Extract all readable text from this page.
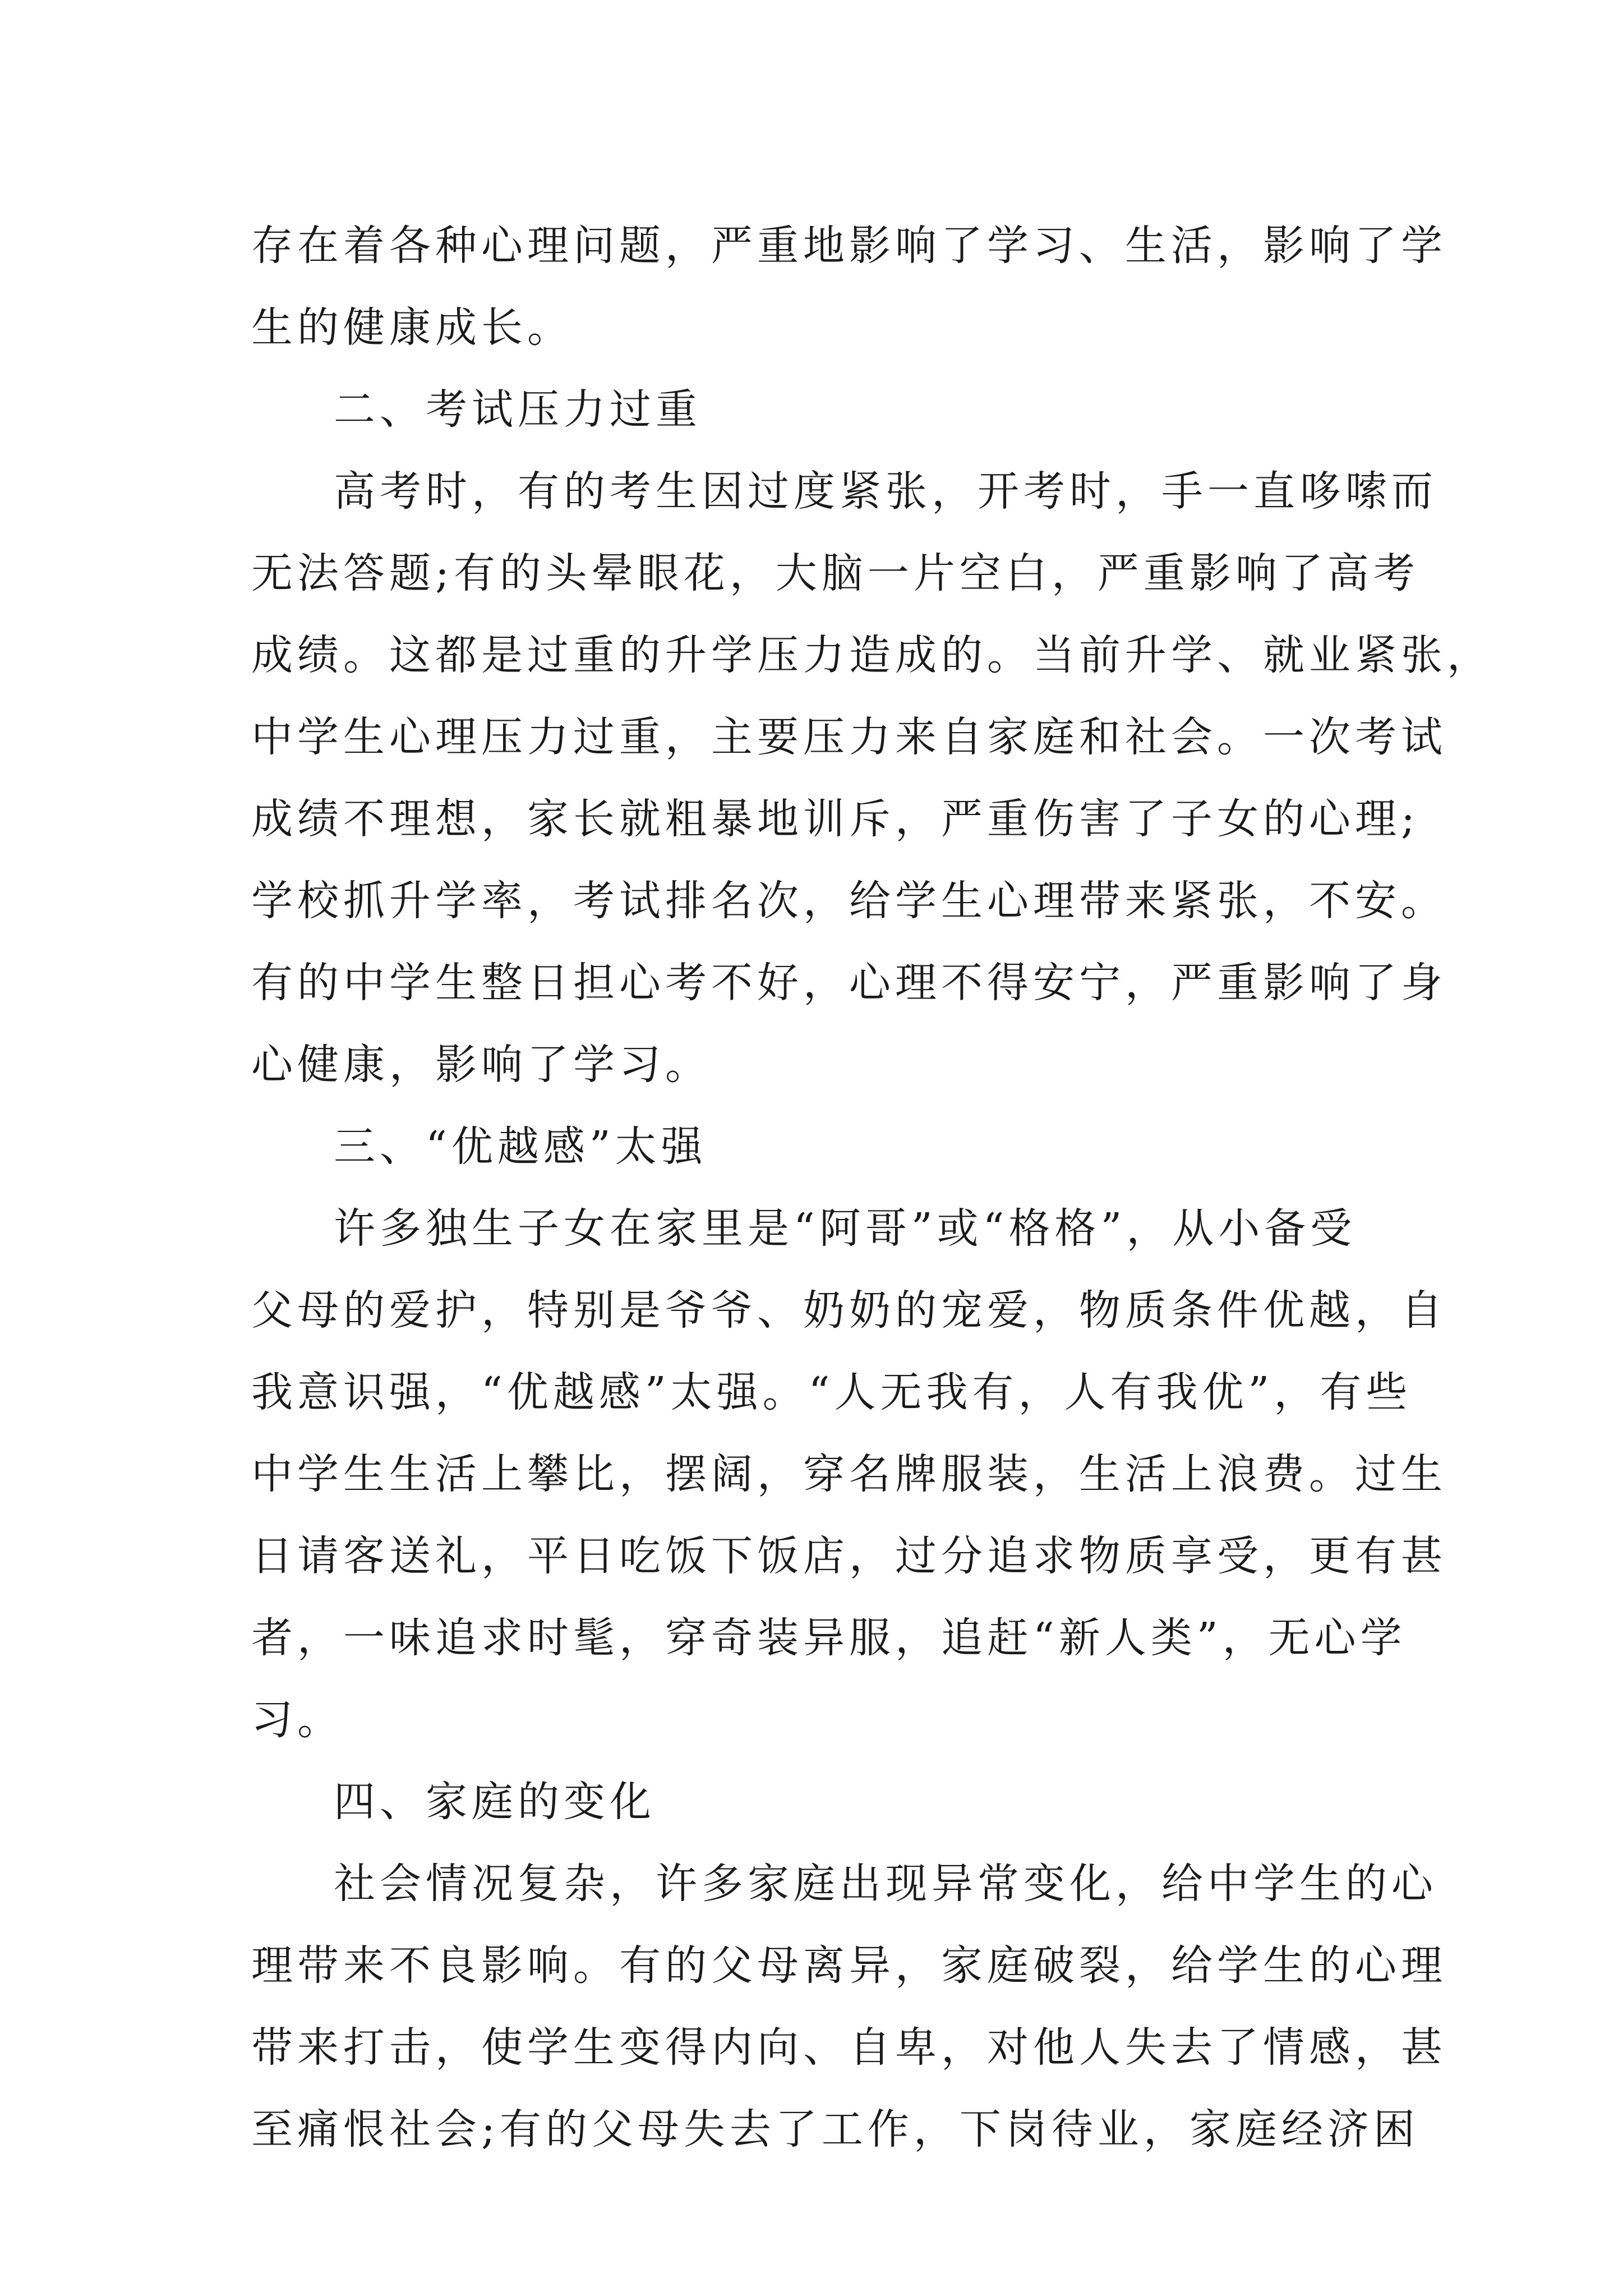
存在着各种心理问题，严重地影响了学习、生活，影响了学

生的健康成长。

二、考试压力过重

高考时，有的考生因过度紧张，开考时，手一直哆嗦而

无法答题;有的头晕眼花，大脑一片空白，严重影响了高考

成绩。这都是过重的升学压力造成的。当前升学、就业紧张，

中学生心理压力过重，主要压力来自家庭和社会。一次考试

成绩不理想，家长就粗暴地训斥，严重伤害了子女的心理;

学校抓升学率，考试排名次，给学生心理带来紧张，不安。

有的中学生整日担心考不好，心理不得安宁，严重影响了身

心健康，影响了学习。

三、“优越感”太强

许多独生子女在家里是“阿哥”或“格格”，从小备受

父母的爱护，特别是爷爷、奶奶的宠爱，物质条件优越，自

我意识强，“优越感”太强。“人无我有，人有我优”，有些

中学生生活上攀比，摆阔，穿名牌服装，生活上浪费。过生

日请客送礼，平日吃饭下饭店，过分追求物质享受，更有甚

者，一味追求时髦，穿奇装异服，追赶“新人类”，无心学

习。

四、家庭的变化

社会情况复杂，许多家庭出现异常变化，给中学生的心

理带来不良影响。有的父母离异，家庭破裂，给学生的心理

带来打击，使学生变得内向、自卑，对他人失去了情感，甚

至痛恨社会;有的父母失去了工作，下岗待业，家庭经济困
